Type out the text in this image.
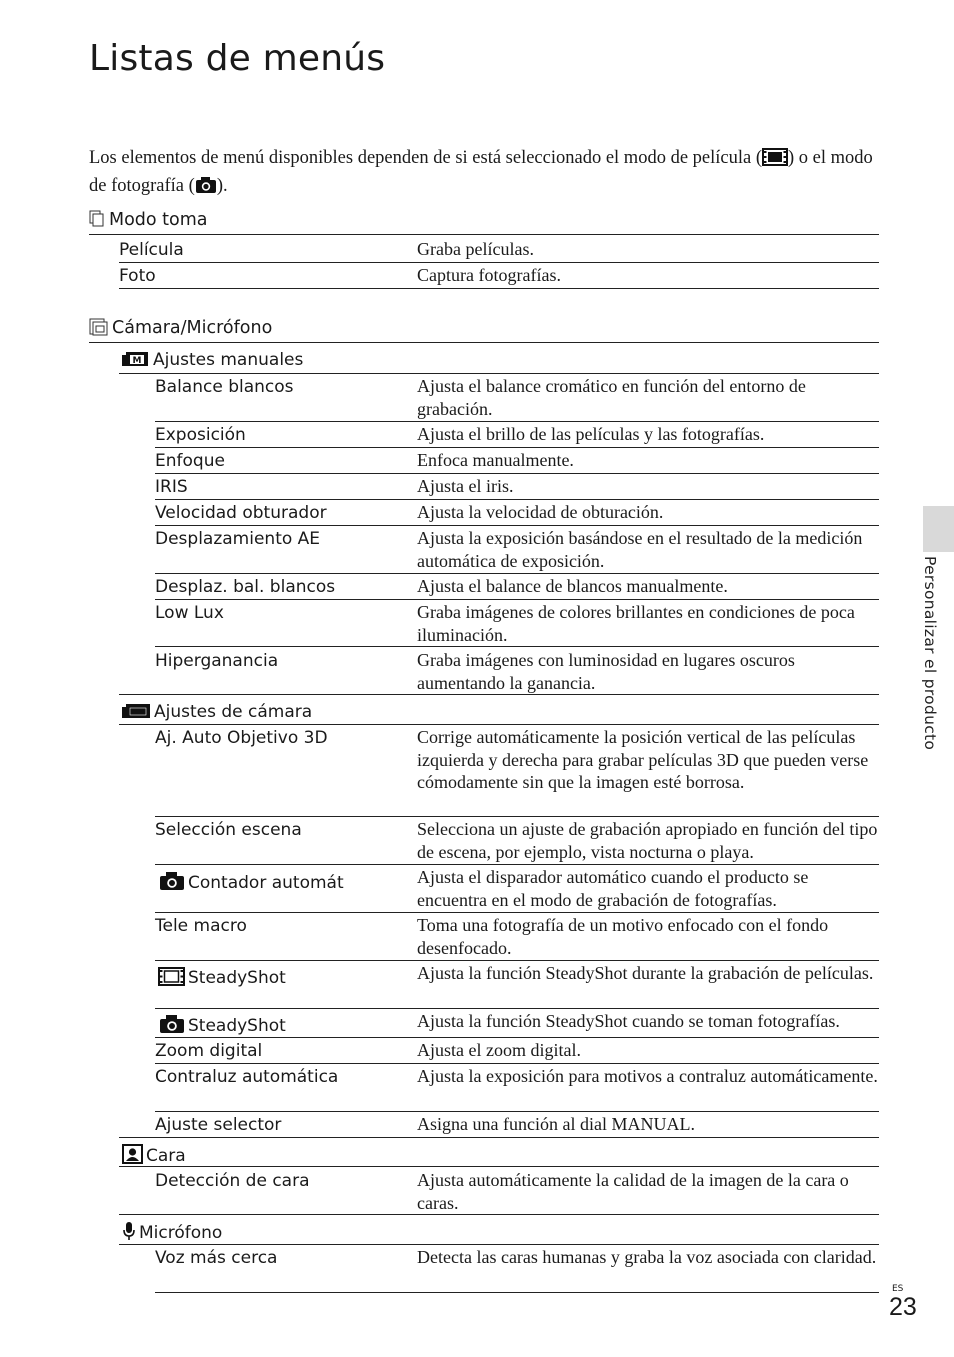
Listas de menús
Los elementos de menú disponibles dependen de si está seleccionado el modo de película ( ) o el modo de fotografía ( ).
Modo toma
Película	Graba películas.
Foto	Captura fotografías.
Cámara/Micrófono
M Ajustes manuales
Balance blancos	Ajusta el balance cromático en función del entorno de grabación.
Exposición	Ajusta el brillo de las películas y las fotografías.
Enfoque	Enfoca manualmente.
IRIS	Ajusta el iris.
Velocidad obturador	Ajusta la velocidad de obturación.
Desplazamiento AE	Ajusta la exposición basándose en el resultado de la medición automática de exposición.
Desplaz. bal. blancos	Ajusta el balance de blancos manualmente.
Low Lux	Graba imágenes de colores brillantes en condiciones de poca iluminación.
Hiperganancia	Graba imágenes con luminosidad en lugares oscuros aumentando la ganancia.
Ajustes de cámara
Aj. Auto Objetivo 3D	Corrige automáticamente la posición vertical de las películas izquierda y derecha para grabar películas 3D que pueden verse cómodamente sin que la imagen esté borrosa.
Selección escena	Selecciona un ajuste de grabación apropiado en función del tipo de escena, por ejemplo, vista nocturna o playa.
Contador automát	Ajusta el disparador automático cuando el producto se encuentra en el modo de grabación de fotografías.
Tele macro	Toma una fotografía de un motivo enfocado con el fondo desenfocado.
SteadyShot	Ajusta la función SteadyShot durante la grabación de películas.
SteadyShot	Ajusta la función SteadyShot cuando se toman fotografías.
Zoom digital	Ajusta el zoom digital.
Contraluz automática	Ajusta la exposición para motivos a contraluz automáticamente.
Ajuste selector	Asigna una función al dial MANUAL.
Cara
Detección de cara	Ajusta automáticamente la calidad de la imagen de la cara o caras.
Micrófono
Voz más cerca	Detecta las caras humanas y graba la voz asociada con claridad.
Personalizar el producto
ES
23
